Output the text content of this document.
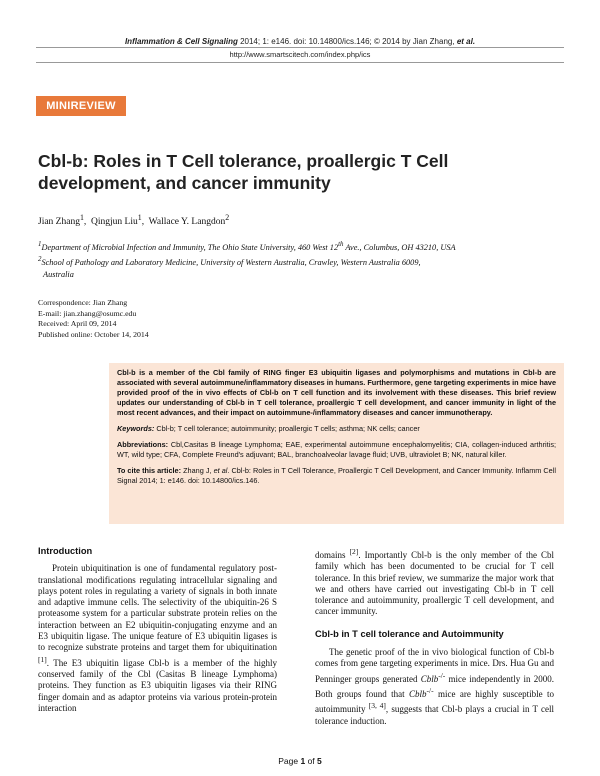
Inflammation & Cell Signaling 2014; 1: e146. doi: 10.14800/ics.146; © 2014 by Jian Zhang, et al.
http://www.smartscitech.com/index.php/ics
MINIREVIEW
Cbl-b: Roles in T Cell tolerance, proallergic T Cell development, and cancer immunity
Jian Zhang$^1$,  Qingjun Liu$^1$,  Wallace Y. Langdon$^2$
$^1$Department of Microbial Infection and Immunity, The Ohio State University, 460 West 12th Ave., Columbus, OH 43210, USA
$^2$School of Pathology and Laboratory Medicine, University of Western Australia, Crawley, Western Australia 6009,
Australia
Correspondence: Jian Zhang
E-mail: jian.zhang@osumc.edu
Received: April 09, 2014
Published online: October 14, 2014

Cbl-b is a member of the Cbl family of RING finger E3 ubiquitin ligases and polymorphisms and mutations in Cbl-b are associated with several autoimmune/inflammatory diseases in humans. Furthermore, gene targeting experiments in mice have provided proof of the in vivo effects of Cbl-b on T cell function and its involvement with these diseases. This brief review updates our understanding of Cbl-b in T cell tolerance, proallergic T cell development, and cancer immunity in light of the most recent advances, and their impact on autoimmune-/inflammatory diseases and cancer immunotherapy.

Keywords: Cbl-b; T cell tolerance; autoimmunity; proallergic T cells; asthma; NK cells; cancer

Abbreviations: Cbl,Casitas B lineage Lymphoma; EAE, experimental autoimmune encephalomyelitis; CIA, collagen-induced arthritis; WT, wild type; CFA, Complete Freund's adjuvant; BAL, branchoalveolar lavage fluid; UVB, ultraviolet B; NK, natural killer.

To cite this article: Zhang J, et al. Cbl-b: Roles in T Cell Tolerance, Proallergic T Cell Development, and Cancer Immunity. Inflamm Cell Signal 2014; 1: e146. doi: 10.14800/ics.146.

Introduction

Protein ubiquitination is one of fundamental regulatory post-translational modifications regulating intracellular signaling and plays potent roles in regulating a variety of signals in both innate and adaptive immune cells. The selectivity of the ubiquitin-26 S proteasome system for a particular substrate protein relies on the interaction between an E2 ubiquitin-conjugating enzyme and an E3 ubiquitin ligase. The unique feature of E3 ubiquitin ligases is to recognize substrate proteins and target them for ubiquitination [1]. The E3 ubiquitin ligase Cbl-b is a member of the highly conserved family of the Cbl (Casitas B lineage Lymphoma) proteins. They function as E3 ubiquitin ligases via their RING finger domain and as adaptor proteins via various protein-protein interaction

domains [2]. Importantly Cbl-b is the only member of the Cbl family which has been documented to be crucial for T cell tolerance. In this brief review, we summarize the major work that we and others have carried out investigating Cbl-b in T cell tolerance and autoimmunity, proallergic T cell development, and cancer immunity.

Cbl-b in T cell tolerance and Autoimmunity

The genetic proof of the in vivo biological function of Cbl-b comes from gene targeting experiments in mice. Drs. Hua Gu and Penninger groups generated Cblb-/- mice independently in 2000. Both groups found that Cblb-/- mice are highly susceptible to autoimmunity [3, 4], suggests that Cbl-b plays a crucial in T cell tolerance induction.

Page 1 of 5
